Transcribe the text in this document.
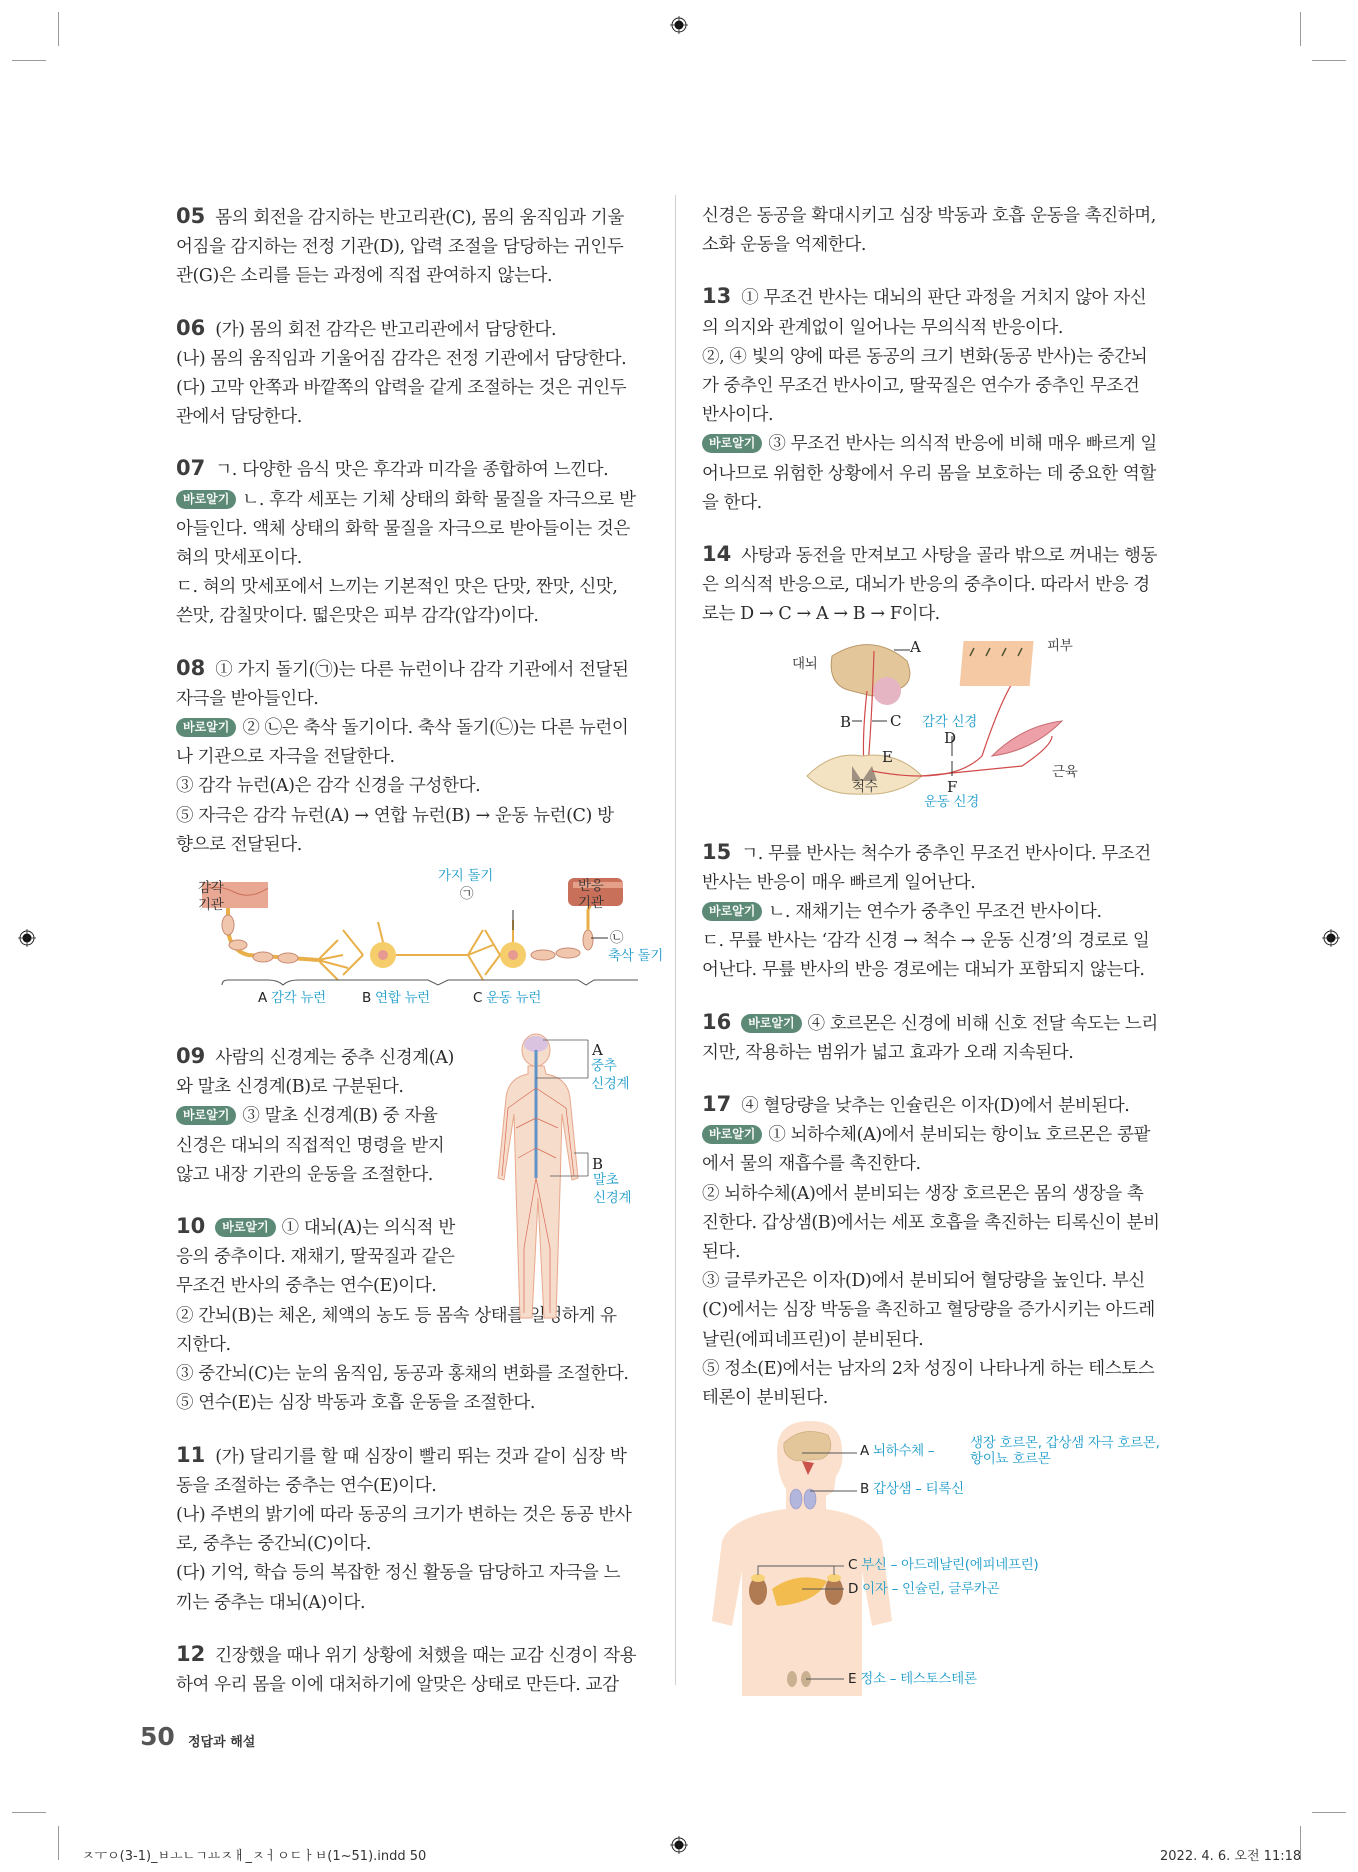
05 몸의 회전을 감지하는 반고리관(C), 몸의 움직임과 기울
어짐을 감지하는 전정 기관(D), 압력 조절을 담당하는 귀인두
관(G)은 소리를 듣는 과정에 직접 관여하지 않는다.
06 (가) 몸의 회전 감각은 반고리관에서 담당한다.
(나) 몸의 움직임과 기울어짐 감각은 전정 기관에서 담당한다.
(다) 고막 안쪽과 바깥쪽의 압력을 같게 조절하는 것은 귀인두
관에서 담당한다.
07 ㄱ. 다양한 음식 맛은 후각과 미각을 종합하여 느낀다.
바로알기 ㄴ. 후각 세포는 기체 상태의 화학 물질을 자극으로 받
아들인다. 액체 상태의 화학 물질을 자극으로 받아들이는 것은
혀의 맛세포이다.
ㄷ. 혀의 맛세포에서 느끼는 기본적인 맛은 단맛, 짠맛, 신맛,
쓴맛, 감칠맛이다. 떫은맛은 피부 감각(압각)이다.
08 ① 가지 돌기(㉠)는 다른 뉴런이나 감각 기관에서 전달된
자극을 받아들인다.
바로알기 ② ㉡은 축삭 돌기이다. 축삭 돌기(㉡)는 다른 뉴런이
나 기관으로 자극을 전달한다.
③ 감각 뉴런(A)은 감각 신경을 구성한다.
⑤ 자극은 감각 뉴런(A) → 연합 뉴런(B) → 운동 뉴런(C) 방
향으로 전달된다.
감각
기관
가지 돌기
㉠	반응
기관
㉡
축삭 돌기
A 감각 뉴런	B 연합 뉴런	C 운동 뉴런
09 사람의 신경계는 중추 신경계(A)
와 말초 신경계(B)로 구분된다.
바로알기 ③ 말초 신경계(B) 중 자율
신경은 대뇌의 직접적인 명령을 받지
않고 내장 기관의 운동을 조절한다.
10 바로알기 ① 대뇌(A)는 의식적 반
응의 중추이다. 재채기, 딸꾹질과 같은
무조건 반사의 중추는 연수(E)이다.
② 간뇌(B)는 체온, 체액의 농도 등 몸속 상태를 일정하게 유
지한다.
③ 중간뇌(C)는 눈의 움직임, 동공과 홍채의 변화를 조절한다.
⑤ 연수(E)는 심장 박동과 호흡 운동을 조절한다.
A
중추
신경계
B
말초
신경계
11 (가) 달리기를 할 때 심장이 빨리 뛰는 것과 같이 심장 박
동을 조절하는 중추는 연수(E)이다.
(나) 주변의 밝기에 따라 동공의 크기가 변하는 것은 동공 반사
로, 중추는 중간뇌(C)이다.
(다) 기억, 학습 등의 복잡한 정신 활동을 담당하고 자극을 느
끼는 중추는 대뇌(A)이다.
12 긴장했을 때나 위기 상황에 처했을 때는 교감 신경이 작용
하여 우리 몸을 이에 대처하기에 알맞은 상태로 만든다. 교감
신경은 동공을 확대시키고 심장 박동과 호흡 운동을 촉진하며,
소화 운동을 억제한다.
13 ① 무조건 반사는 대뇌의 판단 과정을 거치지 않아 자신
의 의지와 관계없이 일어나는 무의식적 반응이다.
②, ④ 빛의 양에 따른 동공의 크기 변화(동공 반사)는 중간뇌
가 중추인 무조건 반사이고, 딸꾹질은 연수가 중추인 무조건
반사이다.
바로알기 ③ 무조건 반사는 의식적 반응에 비해 매우 빠르게 일
어나므로 위험한 상황에서 우리 몸을 보호하는 데 중요한 역할
을 한다.
14 사탕과 동전을 만져보고 사탕을 골라 밖으로 꺼내는 행동
은 의식적 반응으로, 대뇌가 반응의 중추이다. 따라서 반응 경
로는 D → C → A → B → F이다.
대뇌
A
B	C 감각 신경
D
E
피부
근육
척수	F
운동 신경
15 ㄱ. 무릎 반사는 척수가 중추인 무조건 반사이다. 무조건
반사는 반응이 매우 빠르게 일어난다.
바로알기 ㄴ. 재채기는 연수가 중추인 무조건 반사이다.
ㄷ. 무릎 반사는 ‘감각 신경 → 척수 → 운동 신경’의 경로로 일
어난다. 무릎 반사의 반응 경로에는 대뇌가 포함되지 않는다.
16 바로알기 ④ 호르몬은 신경에 비해 신호 전달 속도는 느리
지만, 작용하는 범위가 넓고 효과가 오래 지속된다.
17 ④ 혈당량을 낮추는 인슐린은 이자(D)에서 분비된다.
바로알기 ① 뇌하수체(A)에서 분비되는 항이뇨 호르몬은 콩팥
에서 물의 재흡수를 촉진한다.
② 뇌하수체(A)에서 분비되는 생장 호르몬은 몸의 생장을 촉
진한다. 갑상샘(B)에서는 세포 호흡을 촉진하는 티록신이 분비
된다.
③ 글루카곤은 이자(D)에서 분비되어 혈당량을 높인다. 부신
(C)에서는 심장 박동을 촉진하고 혈당량을 증가시키는 아드레
날린(에피네프린)이 분비된다.
⑤ 정소(E)에서는 남자의 2차 성징이 나타나게 하는 테스토스
테론이 분비된다.
A 뇌하수체 –	생장 호르몬, 갑상샘 자극 호르몬,
항이뇨 호르몬
B 갑상샘 – 티록신
C 부신 – 아드레날린(에피네프린)
D 이자 – 인슐린, 글루카곤
E 정소 – 테스토스테론
50 정답과 해설
ㅈㅜㅇ(3-1)_ㅂㅗㄴㄱㅛㅈㅐ_ㅈㅓㅇㄷㅏㅂ(1~51).indd 50	2022. 4. 6. 오전 11:18
